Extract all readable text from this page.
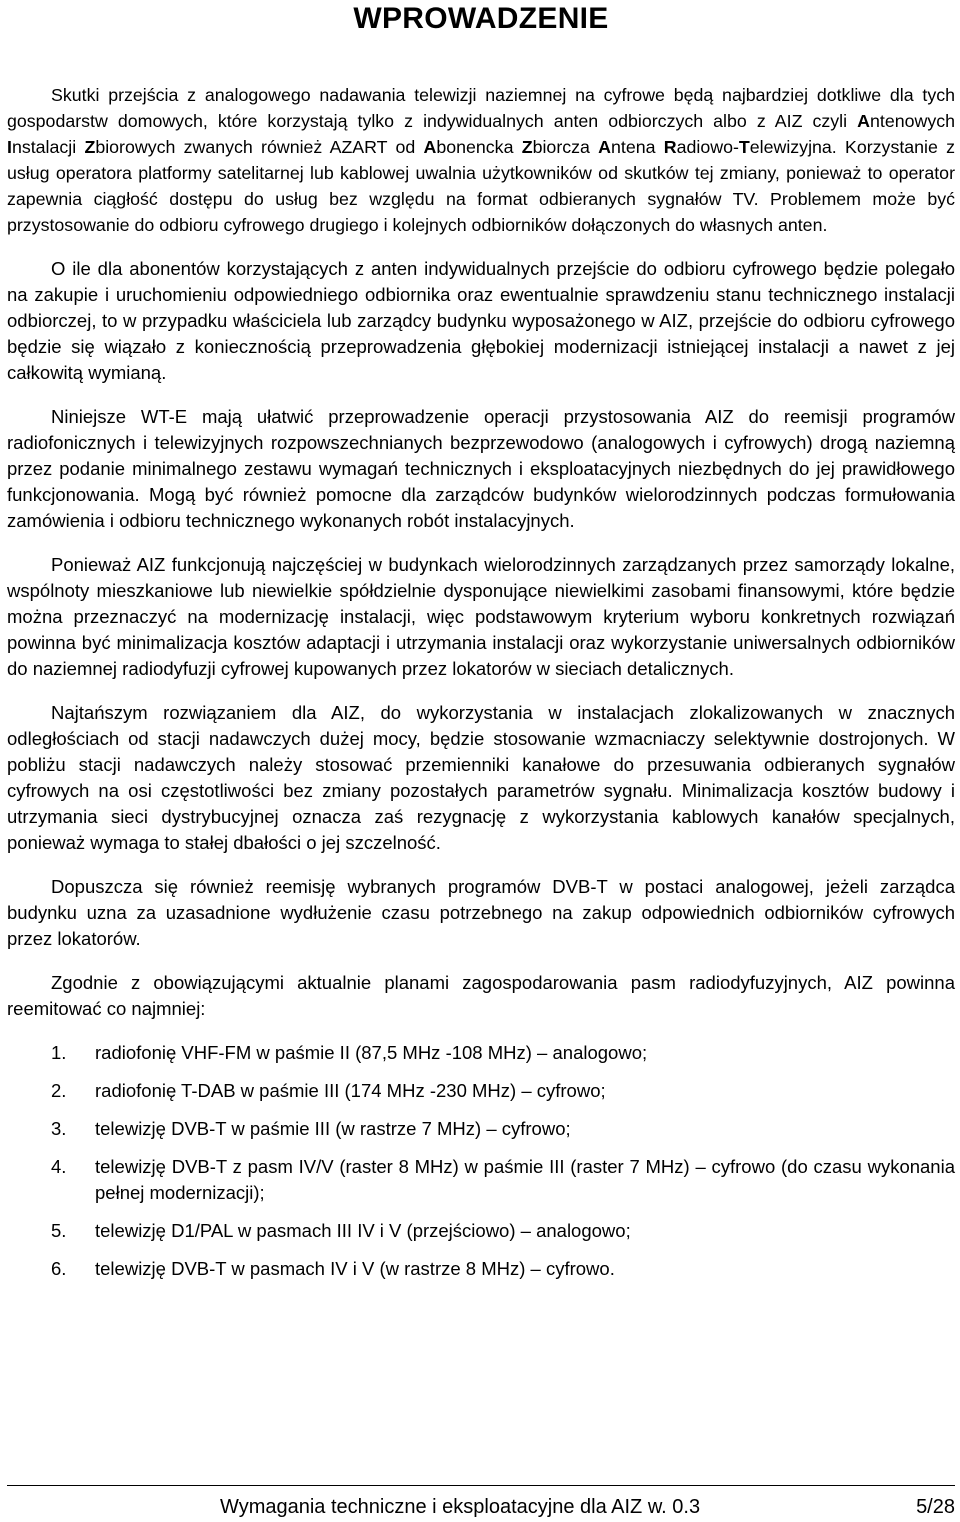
WPROWADZENIE

Skutki przejścia z analogowego nadawania telewizji naziemnej na cyfrowe będą najbardziej dotkliwe dla tych gospodarstw domowych, które korzystają tylko z indywidualnych anten odbiorczych albo z AIZ czyli Antenowych Instalacji Zbiorowych zwanych również AZART od Abonencka Zbiorcza Antena Radiowo-Telewizyjna. Korzystanie z usług operatora platformy satelitarnej lub kablowej uwalnia użytkowników od skutków tej zmiany, ponieważ to operator zapewnia ciągłość dostępu do usług bez względu na format odbieranych sygnałów TV. Problemem może być przystosowanie do odbioru cyfrowego drugiego i kolejnych odbiorników dołączonych do własnych anten.

O ile dla abonentów korzystających z anten indywidualnych przejście do odbioru cyfrowego będzie polegało na zakupie i uruchomieniu odpowiedniego odbiornika oraz ewentualnie sprawdzeniu stanu technicznego instalacji odbiorczej, to w przypadku właściciela lub zarządcy budynku wyposażonego w AIZ, przejście do odbioru cyfrowego będzie się wiązało z koniecznością przeprowadzenia głębokiej modernizacji istniejącej instalacji a nawet z jej całkowitą wymianą.

Niniejsze WT-E mają ułatwić przeprowadzenie operacji przystosowania AIZ do reemisji programów radiofonicznych i telewizyjnych rozpowszechnianych bezprzewodowo (analogowych i cyfrowych) drogą naziemną przez podanie minimalnego zestawu wymagań technicznych i eksploatacyjnych niezbędnych do jej prawidłowego funkcjonowania. Mogą być również pomocne dla zarządców budynków wielorodzinnych podczas formułowania zamówienia i odbioru technicznego wykonanych robót instalacyjnych.

Ponieważ AIZ funkcjonują najczęściej w budynkach wielorodzinnych zarządzanych przez samorządy lokalne, wspólnoty mieszkaniowe lub niewielkie spółdzielnie dysponujące niewielkimi zasobami finansowymi, które będzie można przeznaczyć na modernizację instalacji, więc podstawowym kryterium wyboru konkretnych rozwiązań powinna być minimalizacja kosztów adaptacji i utrzymania instalacji oraz wykorzystanie uniwersalnych odbiorników do naziemnej radiodyfuzji cyfrowej kupowanych przez lokatorów w sieciach detalicznych.

Najtańszym rozwiązaniem dla AIZ, do wykorzystania w instalacjach zlokalizowanych w znacznych odległościach od stacji nadawczych dużej mocy, będzie stosowanie wzmacniaczy selektywnie dostrojonych. W pobliżu stacji nadawczych należy stosować przemienniki kanałowe do przesuwania odbieranych sygnałów cyfrowych na osi częstotliwości bez zmiany pozostałych parametrów sygnału. Minimalizacja kosztów budowy i utrzymania sieci dystrybucyjnej oznacza zaś rezygnację z wykorzystania kablowych kanałów specjalnych, ponieważ wymaga to stałej dbałości o jej szczelność.

Dopuszcza się również reemisję wybranych programów DVB-T w postaci analogowej, jeżeli zarządca budynku uzna za uzasadnione wydłużenie czasu potrzebnego na zakup odpowiednich odbiorników cyfrowych przez lokatorów.

Zgodnie z obowiązującymi aktualnie planami zagospodarowania pasm radiodyfuzyjnych, AIZ powinna reemitować co najmniej:

1. radiofonię VHF-FM w paśmie II (87,5 MHz -108 MHz) – analogowo;
2. radiofonię T-DAB w paśmie III (174 MHz -230 MHz) – cyfrowo;
3. telewizję DVB-T w paśmie III (w rastrze 7 MHz) – cyfrowo;
4. telewizję DVB-T z pasm IV/V (raster 8 MHz) w paśmie III (raster 7 MHz) – cyfrowo (do czasu wykonania pełnej modernizacji);
5. telewizję D1/PAL w pasmach III IV i V (przejściowo) – analogowo;
6. telewizję DVB-T w pasmach IV i V (w rastrze 8 MHz) – cyfrowo.
Wymagania techniczne i eksploatacyjne dla AIZ w. 0.3	5/28
